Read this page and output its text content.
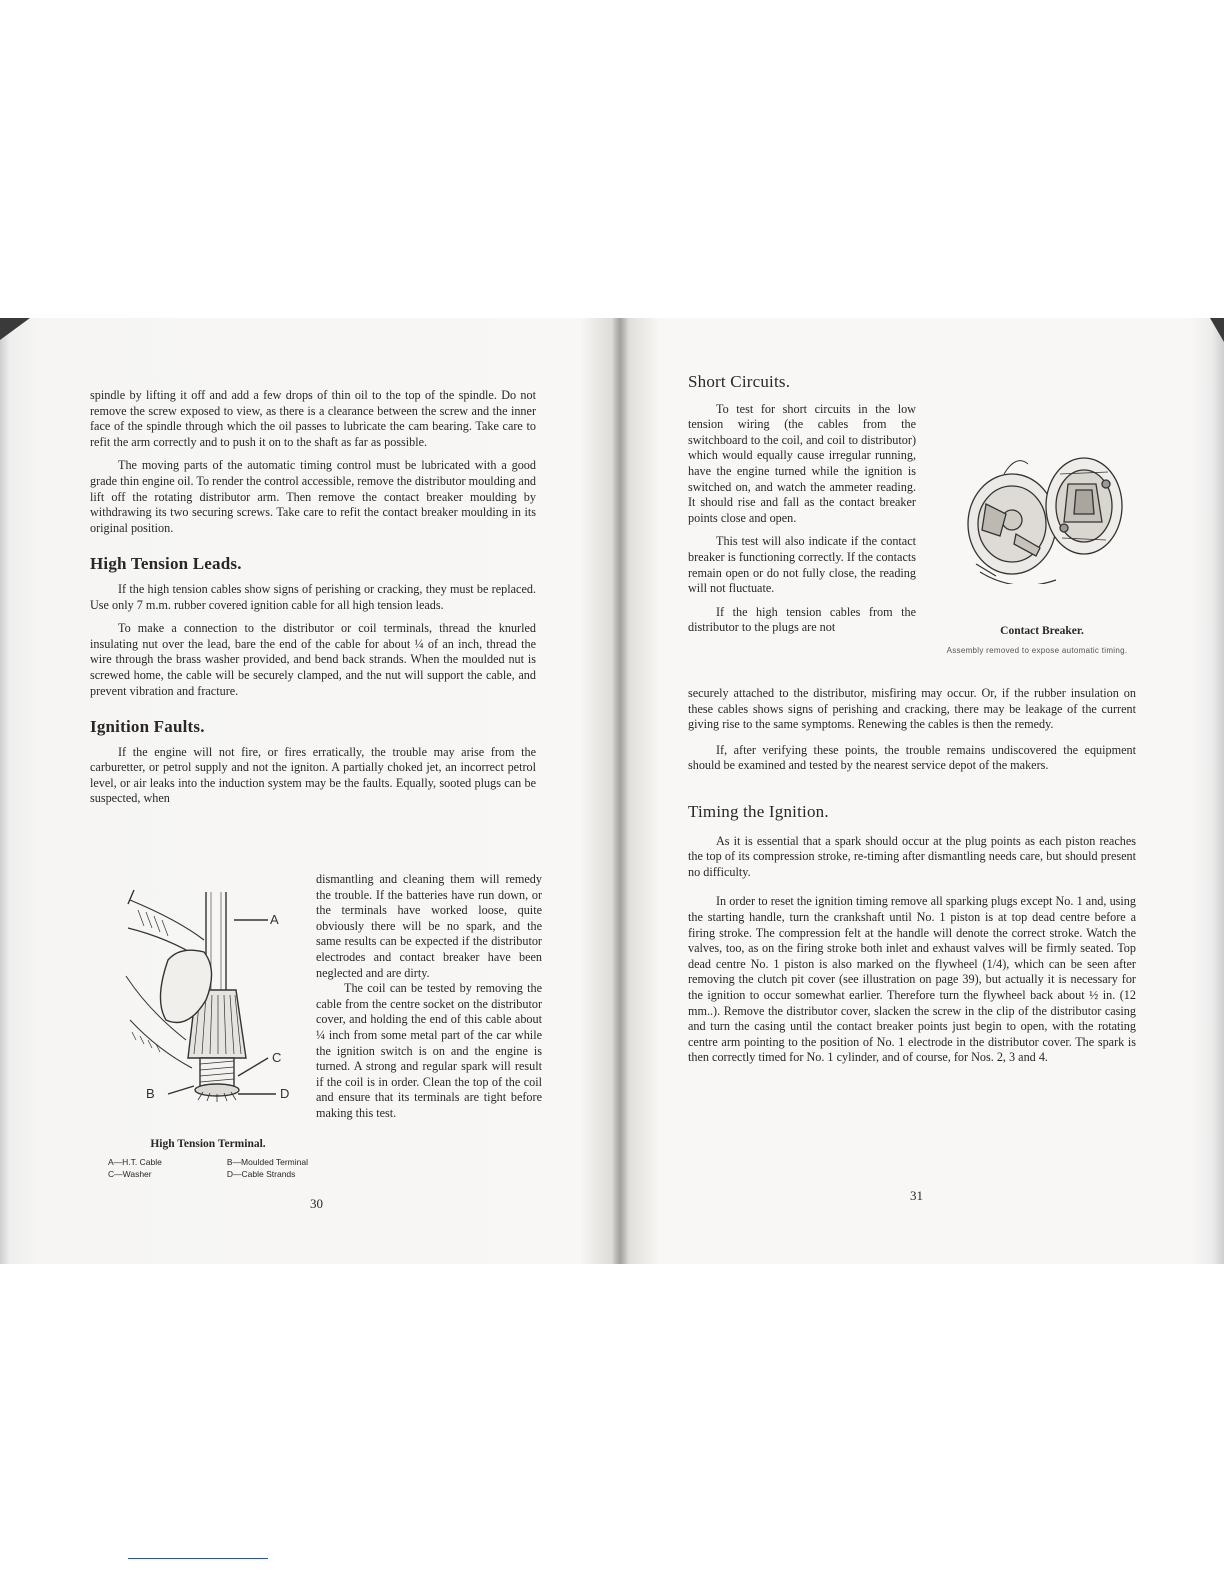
spindle by lifting it off and add a few drops of thin oil to the top of the spindle. Do not remove the screw exposed to view, as there is a clearance between the screw and the inner face of the spindle through which the oil passes to lubricate the cam bearing. Take care to refit the arm correctly and to push it on to the shaft as far as possible.

The moving parts of the automatic timing control must be lubricated with a good grade thin engine oil. To render the control accessible, remove the distributor moulding and lift off the rotating distributor arm. Then remove the contact breaker moulding by withdrawing its two securing screws. Take care to refit the contact breaker moulding in its original position.

High Tension Leads.

If the high tension cables show signs of perishing or cracking, they must be replaced. Use only 7 m.m. rubber covered ignition cable for all high tension leads.

To make a connection to the distributor or coil terminals, thread the knurled insulating nut over the lead, bare the end of the cable for about ¼ of an inch, thread the wire through the brass washer provided, and bend back strands. When the moulded nut is screwed home, the cable will be securely clamped, and the nut will support the cable, and prevent vibration and fracture.

Ignition Faults.

If the engine will not fire, or fires erratically, the trouble may arise from the carburetter, or petrol supply and not the igniton. A partially choked jet, an incorrect petrol level, or air leaks into the induction system may be the faults. Equally, sooted plugs can be suspected, when

dismantling and cleaning them will remedy the trouble. If the batteries have run down, or the terminals have worked loose, quite obviously there will be no spark, and the same results can be expected if the distributor electrodes and contact breaker have been neglected and are dirty.

The coil can be tested by removing the cable from the centre socket on the distributor cover, and holding the end of this cable about ¼ inch from some metal part of the car while the ignition switch is on and the engine is turned. A strong and regular spark will result if the coil is in order. Clean the top of the coil and ensure that its terminals are tight before making this test.

A
C
B	D
High Tension Terminal.
A—H.T. Cable
C—Washer
B—Moulded Terminal
D—Cable Strands
30
Short Circuits.

To test for short circuits in the low tension wiring (the cables from the switchboard to the coil, and coil to distributor) which would equally cause irregular running, have the engine turned while the ignition is switched on, and watch the ammeter reading. It should rise and fall as the contact breaker points close and open.

This test will also indicate if the contact breaker is functioning correctly. If the contacts remain open or do not fully close, the reading will not fluctuate.

If the high tension cables from the distributor to the plugs are not	Contact Breaker.
Assembly removed to expose automatic timing.

securely attached to the distributor, misfiring may occur. Or, if the rubber insulation on these cables shows signs of perishing and cracking, there may be leakage of the current giving rise to the same symptoms. Renewing the cables is then the remedy.

If, after verifying these points, the trouble remains undiscovered the equipment should be examined and tested by the nearest service depot of the makers.

Timing the Ignition.

As it is essential that a spark should occur at the plug points as each piston reaches the top of its compression stroke, re-timing after dismantling needs care, but should present no difficulty.

In order to reset the ignition timing remove all sparking plugs except No. 1 and, using the starting handle, turn the crankshaft until No. 1 piston is at top dead centre before a firing stroke. The compression felt at the handle will denote the correct stroke. Watch the valves, too, as on the firing stroke both inlet and exhaust valves will be firmly seated. Top dead centre No. 1 piston is also marked on the flywheel (1/4), which can be seen after removing the clutch pit cover (see illustration on page 39), but actually it is necessary for the ignition to occur somewhat earlier. Therefore turn the flywheel back about ½ in. (12 mm..). Remove the distributor cover, slacken the screw in the clip of the distributor casing and turn the casing until the contact breaker points just begin to open, with the rotating centre arm pointing to the position of No. 1 electrode in the distributor cover. The spark is then correctly timed for No. 1 cylinder, and of course, for Nos. 2, 3 and 4.

31
